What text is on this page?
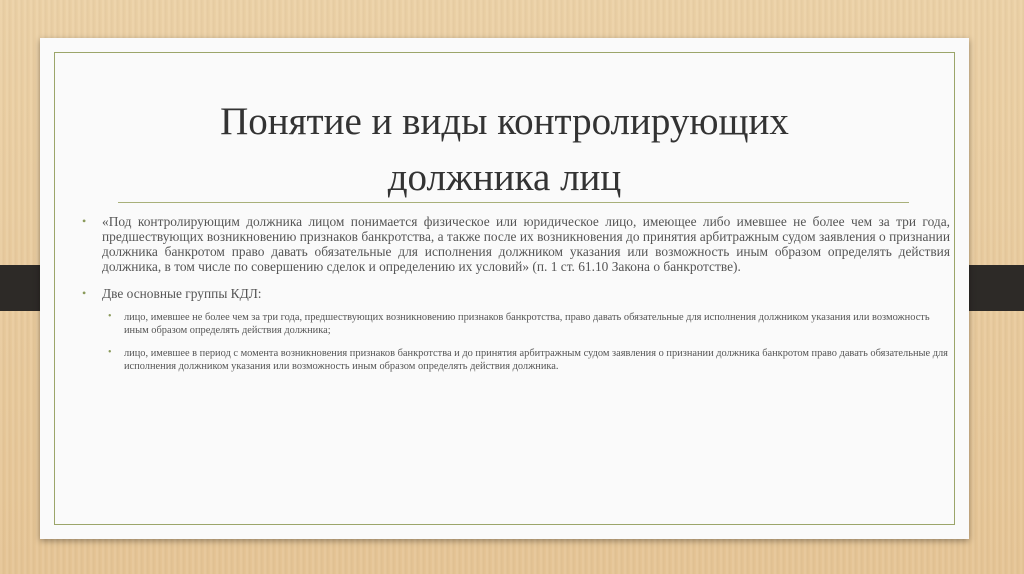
Понятие и виды контролирующих
должника лиц
• «Под контролирующим должника лицом понимается физическое или юридическое лицо, имеющее либо имевшее не более чем за три года, предшествующих возникновению признаков банкротства, а также после их возникновения до принятия арбитражным судом заявления о признании должника банкротом право давать обязательные для исполнения должником указания или возможность иным образом определять действия должника, в том числе по совершению сделок и определению их условий» (п. 1 ст. 61.10 Закона о банкротстве).

• Две основные группы КДЛ:

• лицо, имевшее не более чем за три года, предшествующих возникновению признаков банкротства, право давать обязательные для исполнения должником указания или возможность иным образом определять действия должника;

• лицо, имевшее в период с момента возникновения признаков банкротства и до принятия арбитражным судом заявления о признании должника банкротом право давать обязательные для исполнения должником указания или возможность иным образом определять действия должника.
